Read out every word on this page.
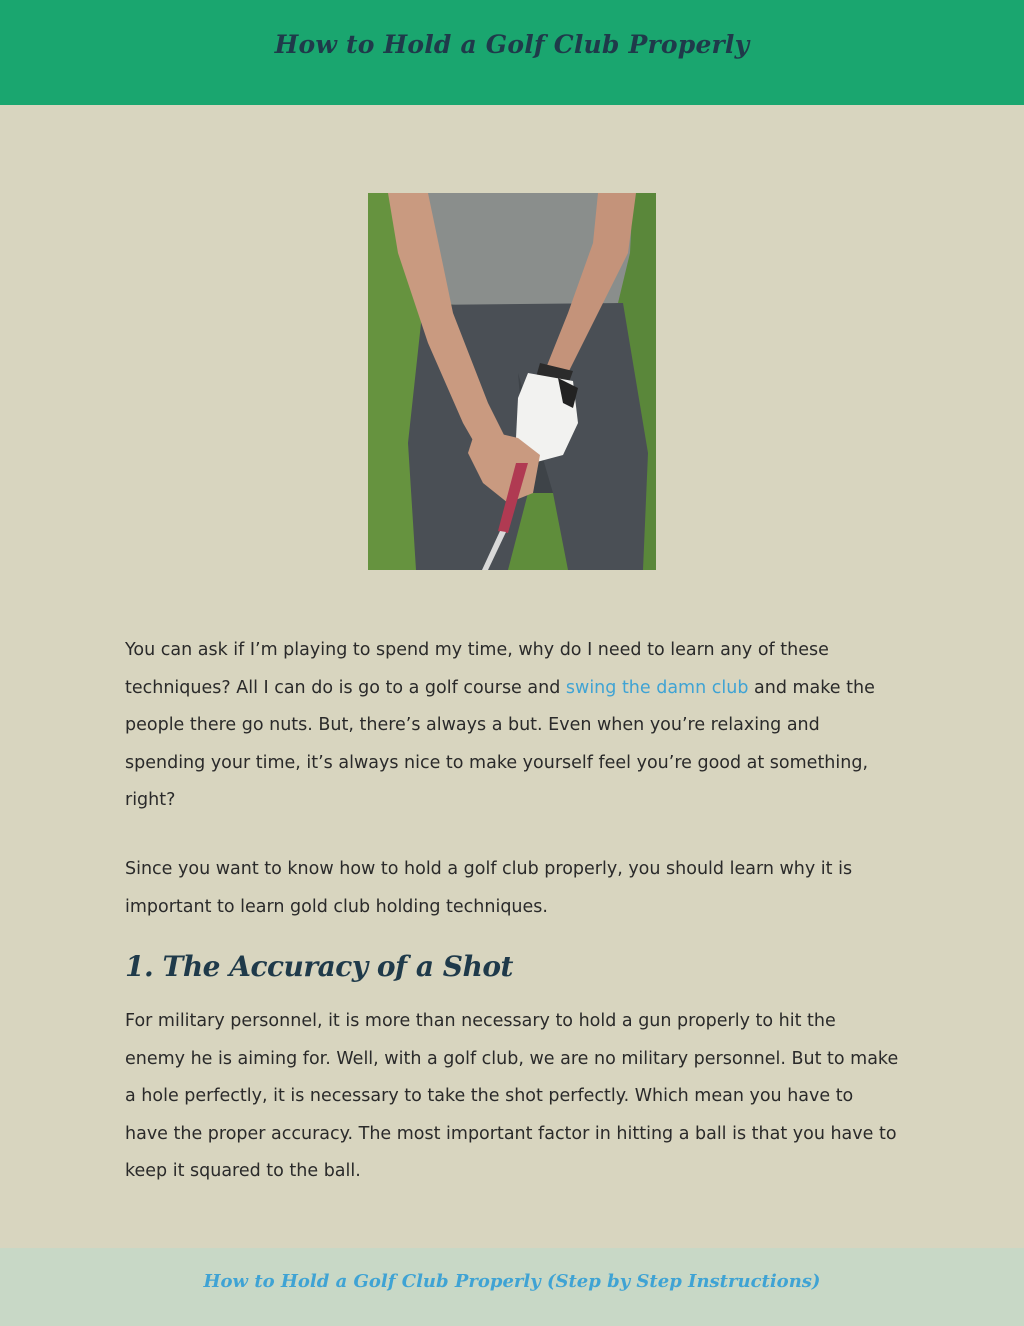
How to Hold a Golf Club Properly

You can ask if I’m playing to spend my time, why do I need to learn any of these techniques? All I can do is go to a golf course and swing the damn club and make the people there go nuts. But, there’s always a but. Even when you’re relaxing and spending your time, it’s always nice to make yourself feel you’re good at something, right?

Since you want to know how to hold a golf club properly, you should learn why it is important to learn gold club holding techniques.

1. The Accuracy of a Shot

For military personnel, it is more than necessary to hold a gun properly to hit the enemy he is aiming for. Well, with a golf club, we are no military personnel. But to make a hole perfectly, it is necessary to take the shot perfectly. Which mean you have to have the proper accuracy. The most important factor in hitting a ball is that you have to keep it squared to the ball.

How to Hold a Golf Club Properly (Step by Step Instructions)
